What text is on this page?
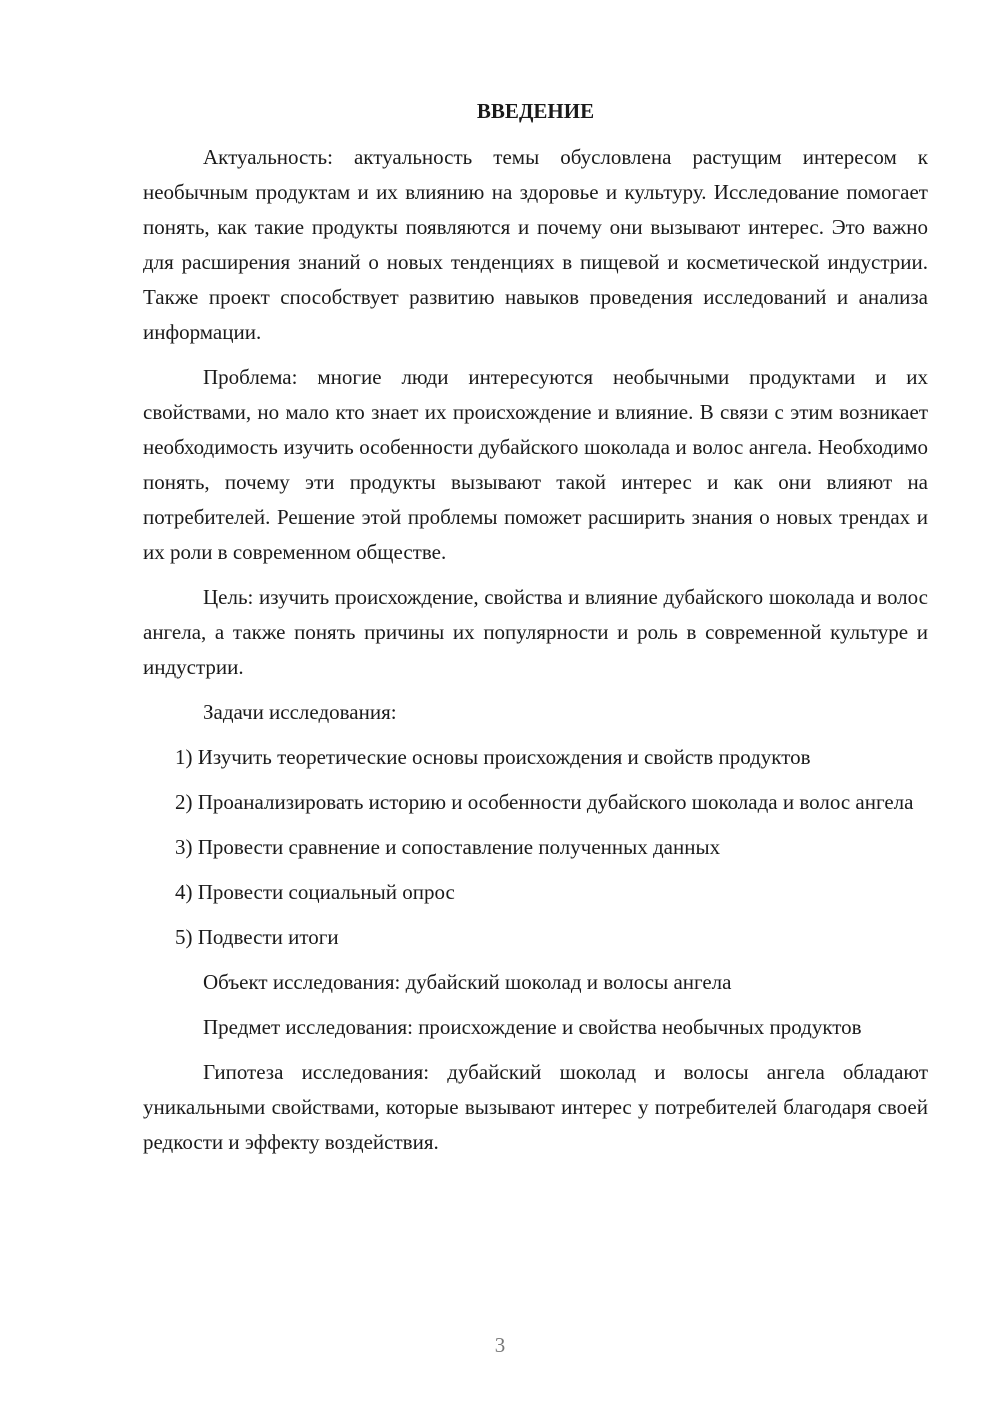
ВВЕДЕНИЕ

Актуальность: актуальность темы обусловлена растущим интересом к необычным продуктам и их влиянию на здоровье и культуру. Исследование помогает понять, как такие продукты появляются и почему они вызывают интерес. Это важно для расширения знаний о новых тенденциях в пищевой и косметической индустрии. Также проект способствует развитию навыков проведения исследований и анализа информации.

Проблема: многие люди интересуются необычными продуктами и их свойствами, но мало кто знает их происхождение и влияние. В связи с этим возникает необходимость изучить особенности дубайского шоколада и волос ангела. Необходимо понять, почему эти продукты вызывают такой интерес и как они влияют на потребителей. Решение этой проблемы поможет расширить знания о новых трендах и их роли в современном обществе.

Цель: изучить происхождение, свойства и влияние дубайского шоколада и волос ангела, а также понять причины их популярности и роль в современной культуре и индустрии.

Задачи исследования:

1) Изучить теоретические основы происхождения и свойств продуктов

2) Проанализировать историю и особенности дубайского шоколада и волос ангела

3) Провести сравнение и сопоставление полученных данных

4) Провести социальный опрос

5) Подвести итоги

Объект исследования: дубайский шоколад и волосы ангела

Предмет исследования: происхождение и свойства необычных продуктов

Гипотеза исследования: дубайский шоколад и волосы ангела обладают уникальными свойствами, которые вызывают интерес у потребителей благодаря своей редкости и эффекту воздействия.

3
